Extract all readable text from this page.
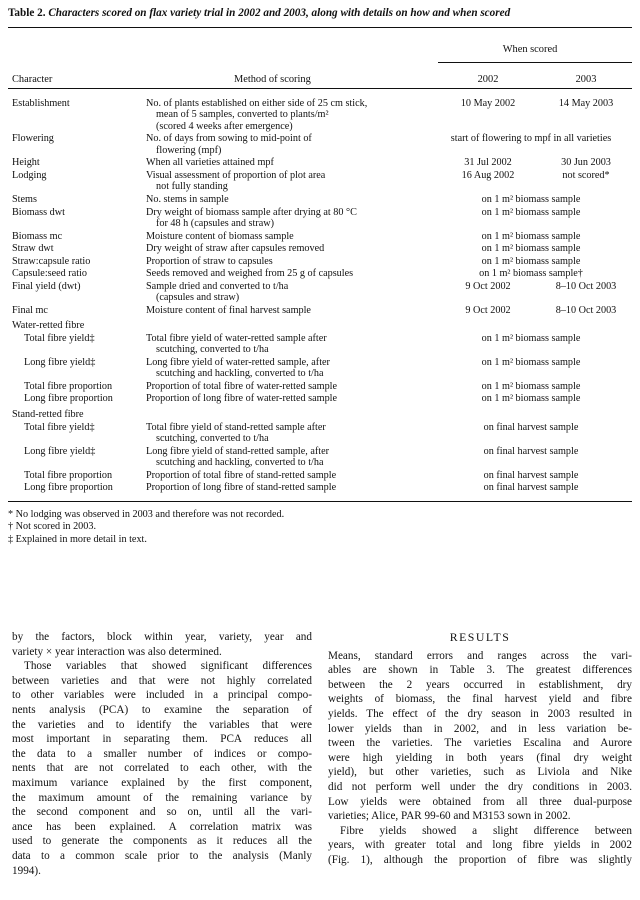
Table 2. Characters scored on flax variety trial in 2002 and 2003, along with details on how and when scored
When scored
Character	Method of scoring	2002	2003
Establishment	No. of plants established on either side of 25 cm stick,
mean of 5 samples, converted to plants/m²
(scored 4 weeks after emergence)
10 May 2002	14 May 2003
Flowering	No. of days from sowing to mid-point of
flowering (mpf)
start of flowering to mpf in all varieties
Height	When all varieties attained mpf	31 Jul 2002	30 Jun 2003
Lodging	Visual assessment of proportion of plot area
not fully standing
16 Aug 2002	not scored*
Stems	No. stems in sample	on 1 m² biomass sample
Biomass dwt	Dry weight of biomass sample after drying at 80 °C
for 48 h (capsules and straw)
on 1 m² biomass sample
Biomass mc	Moisture content of biomass sample	on 1 m² biomass sample
Straw dwt	Dry weight of straw after capsules removed	on 1 m² biomass sample
Straw:capsule ratio	Proportion of straw to capsules	on 1 m² biomass sample
Capsule:seed ratio	Seeds removed and weighed from 25 g of capsules	on 1 m² biomass sample†
Final yield (dwt)	Sample dried and converted to t/ha
(capsules and straw)
9 Oct 2002	8–10 Oct 2003
Final mc	Moisture content of final harvest sample	9 Oct 2002	8–10 Oct 2003
Water-retted fibre
Total fibre yield‡	Total fibre yield of water-retted sample after
scutching, converted to t/ha
on 1 m² biomass sample
Long fibre yield‡	Long fibre yield of water-retted sample, after
scutching and hackling, converted to t/ha
on 1 m² biomass sample
Total fibre proportion	Proportion of total fibre of water-retted sample	on 1 m² biomass sample
Long fibre proportion	Proportion of long fibre of water-retted sample	on 1 m² biomass sample
Stand-retted fibre
Total fibre yield‡	Total fibre yield of stand-retted sample after
scutching, converted to t/ha
on final harvest sample
Long fibre yield‡	Long fibre yield of stand-retted sample, after
scutching and hackling, converted to t/ha
on final harvest sample
Total fibre proportion	Proportion of total fibre of stand-retted sample	on final harvest sample
Long fibre proportion	Proportion of long fibre of stand-retted sample	on final harvest sample
* No lodging was observed in 2003 and therefore was not recorded.
† Not scored in 2003.
‡ Explained in more detail in text.
by the factors, block within year, variety, year and
variety × year interaction was also determined.
Those variables that showed significant differences
between varieties and that were not highly correlated
to other variables were included in a principal compo-
nents analysis (PCA) to examine the separation of
the varieties and to identify the variables that were
most important in separating them. PCA reduces all
the data to a smaller number of indices or compo-
nents that are not correlated to each other, with the
maximum variance explained by the first component,
the maximum amount of the remaining variance by
the second component and so on, until all the vari-
ance has been explained. A correlation matrix was
used to generate the components as it reduces all the
data to a common scale prior to the analysis (Manly
1994).
RESULTS
Means, standard errors and ranges across the vari-
ables are shown in Table 3. The greatest differences
between the 2 years occurred in establishment, dry
weights of biomass, the final harvest yield and fibre
yields. The effect of the dry season in 2003 resulted in
lower yields than in 2002, and in less variation be-
tween the varieties. The varieties Escalina and Aurore
were high yielding in both years (final dry weight
yield), but other varieties, such as Liviola and Nike
did not perform well under the dry conditions in 2003.
Low yields were obtained from all three dual-purpose
varieties; Alice, PAR 99-60 and M3153 sown in 2002.
Fibre yields showed a slight difference between
years, with greater total and long fibre yields in 2002
(Fig. 1), although the proportion of fibre was slightly
